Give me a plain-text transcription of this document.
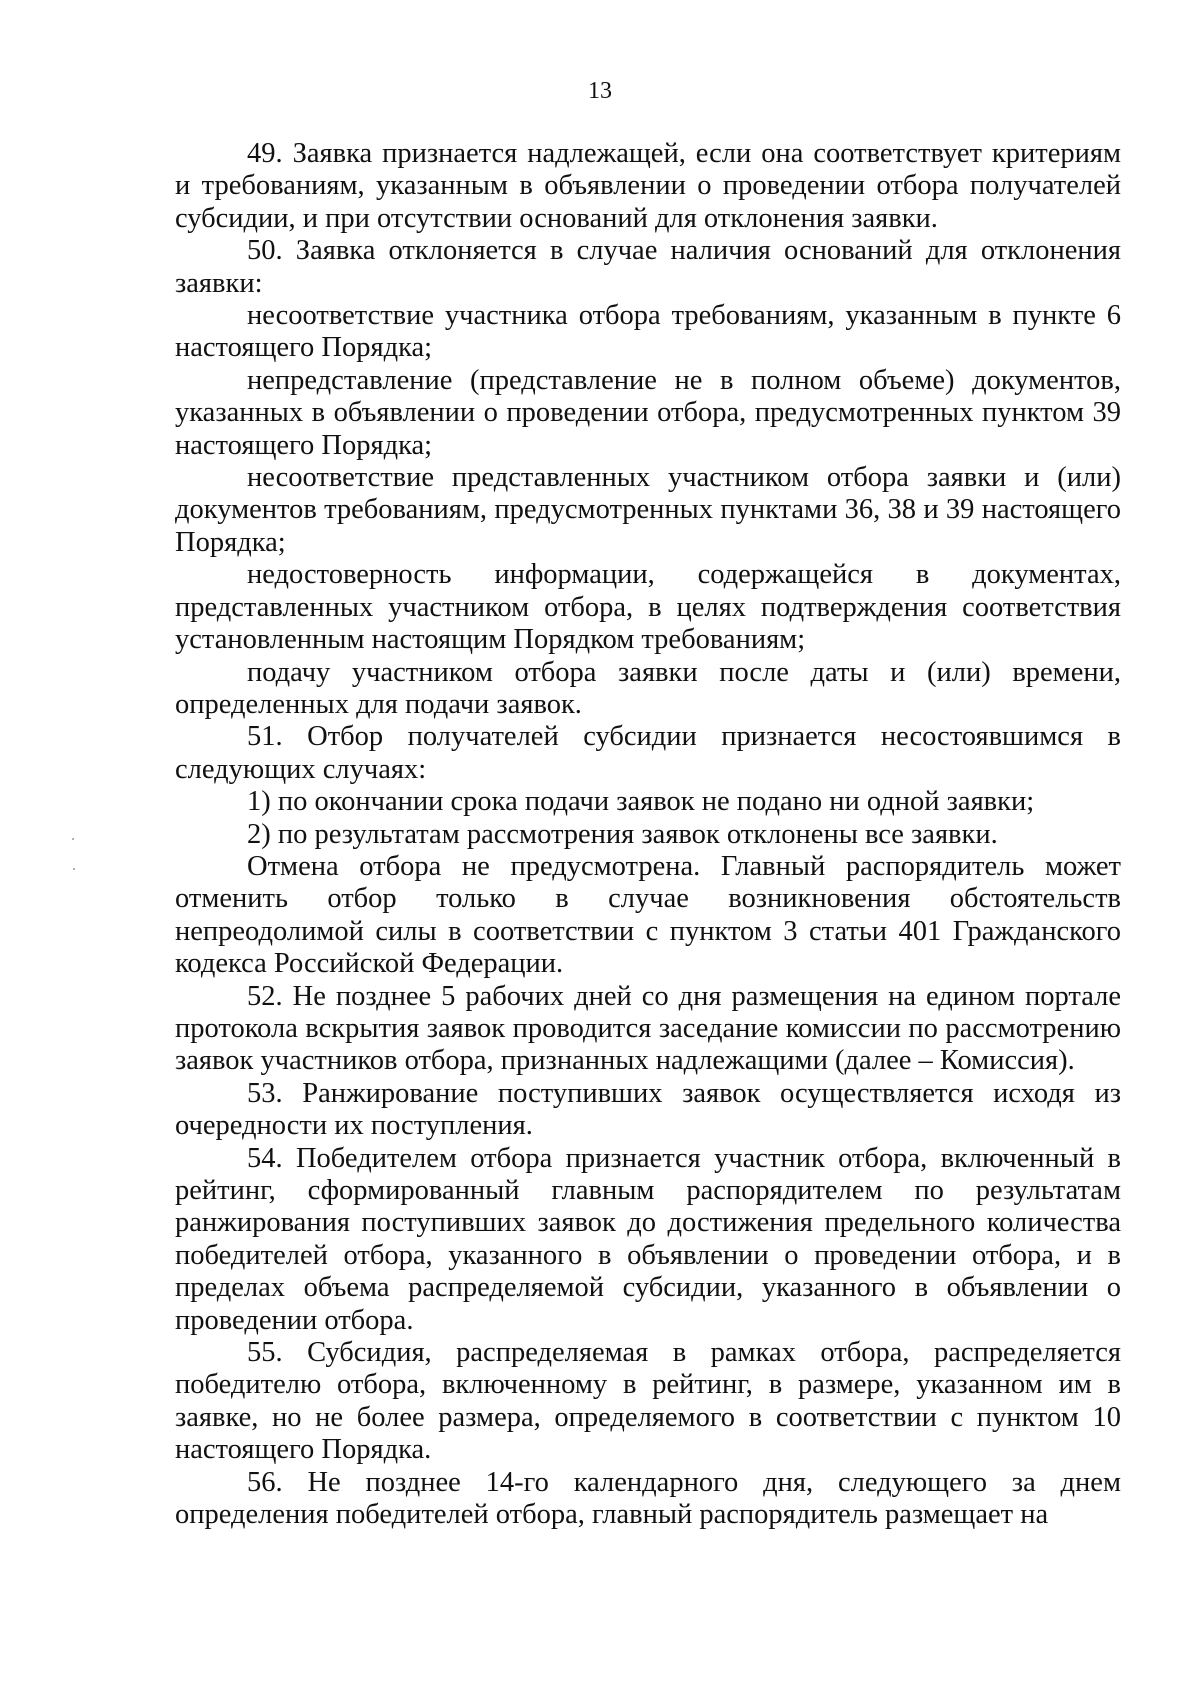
13

49. Заявка признается надлежащей, если она соответствует критериям и требованиям, указанным в объявлении о проведении отбора получателей субсидии, и при отсутствии оснований для отклонения заявки.

50. Заявка отклоняется в случае наличия оснований для отклонения заявки:

несоответствие участника отбора требованиям, указанным в пункте 6 настоящего Порядка;

непредставление (представление не в полном объеме) документов, указанных в объявлении о проведении отбора, предусмотренных пунктом 39 настоящего Порядка;

несоответствие представленных участником отбора заявки и (или) документов требованиям, предусмотренных пунктами 36, 38 и 39 настоящего Порядка;

недостоверность информации, содержащейся в документах, представленных участником отбора, в целях подтверждения соответствия установленным настоящим Порядком требованиям;

подачу участником отбора заявки после даты и (или) времени, определенных для подачи заявок.

51. Отбор получателей субсидии признается несостоявшимся в следующих случаях:

1) по окончании срока подачи заявок не подано ни одной заявки;

2) по результатам рассмотрения заявок отклонены все заявки.

Отмена отбора не предусмотрена. Главный распорядитель может отменить отбор только в случае возникновения обстоятельств непреодолимой силы в соответствии с пунктом 3 статьи 401 Гражданского кодекса Российской Федерации.

52. Не позднее 5 рабочих дней со дня размещения на едином портале протокола вскрытия заявок проводится заседание комиссии по рассмотрению заявок участников отбора, признанных надлежащими (далее – Комиссия).

53. Ранжирование поступивших заявок осуществляется исходя из очередности их поступления.

54. Победителем отбора признается участник отбора, включенный в рейтинг, сформированный главным распорядителем по результатам ранжирования поступивших заявок до достижения предельного количества победителей отбора, указанного в объявлении о проведении отбора, и в пределах объема распределяемой субсидии, указанного в объявлении о проведении отбора.

55. Субсидия, распределяемая в рамках отбора, распределяется победителю отбора, включенному в рейтинг, в размере, указанном им в заявке, но не более размера, определяемого в соответствии с пунктом 10 настоящего Порядка.

56. Не позднее 14-го календарного дня, следующего за днем определения победителей отбора, главный распорядитель размещает на
